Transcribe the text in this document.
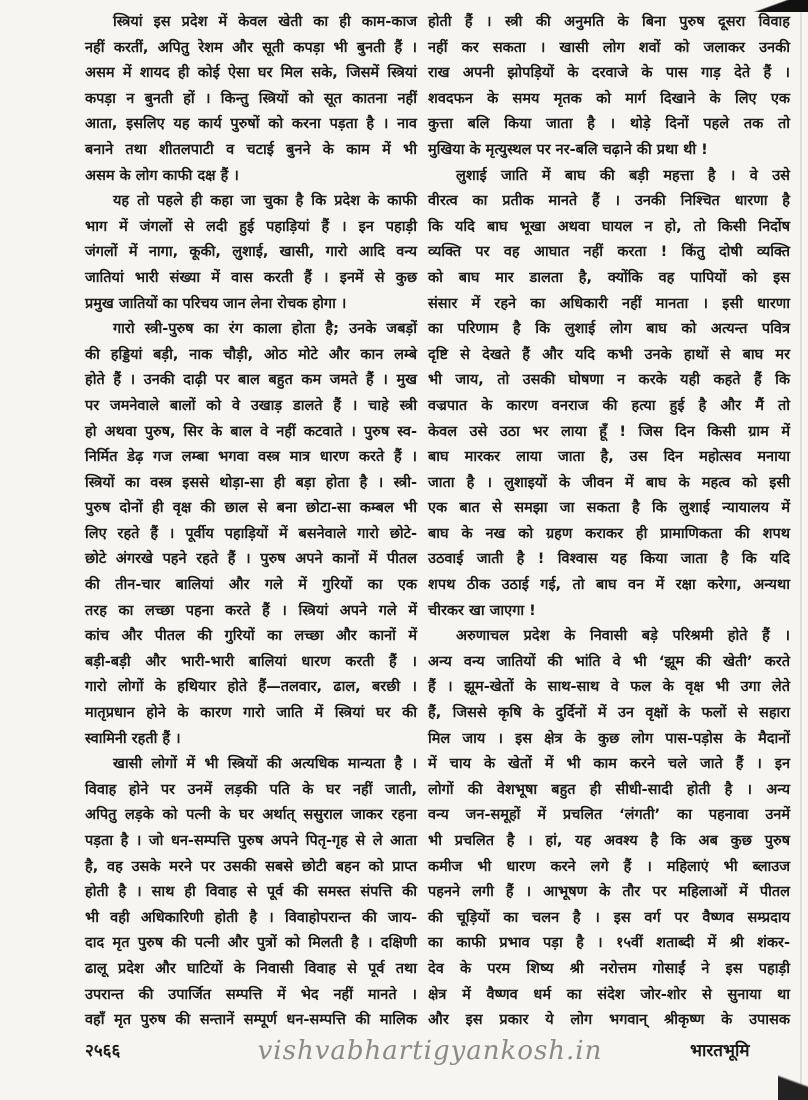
स्त्रियां इस प्रदेश में केवल खेती का ही काम-काज
नहीं करतीं, अपितु रेशम और सूती कपड़ा भी बुनती हैं ।
असम में शायद ही कोई ऐसा घर मिल सके, जिसमें स्त्रियां
कपड़ा न बुनती हों । किन्तु स्त्रियों को सूत कातना नहीं
आता, इसलिए यह कार्य पुरुषों को करना पड़ता है । नाव
बनाने तथा शीतलपाटी व चटाई बुनने के काम में भी
असम के लोग काफी दक्ष हैं ।
यह तो पहले ही कहा जा चुका है कि प्रदेश के काफी
भाग में जंगलों से लदी हुई पहाड़ियां हैं । इन पहाड़ी
जंगलों में नागा, कूकी, लुशाई, खासी, गारो आदि वन्य
जातियां भारी संख्या में वास करती हैं । इनमें से कुछ
प्रमुख जातियों का परिचय जान लेना रोचक होगा ।
गारो स्त्री-पुरुष का रंग काला होता है; उनके जबड़ों
की हड्डियां बड़ी, नाक चौड़ी, ओठ मोटे और कान लम्बे
होते हैं । उनकी दाढ़ी पर बाल बहुत कम जमते हैं । मुख
पर जमनेवाले बालों को वे उखाड़ डालते हैं । चाहे स्त्री
हो अथवा पुरुष, सिर के बाल वे नहीं कटवाते । पुरुष स्व-
निर्मित डेढ़ गज लम्बा भगवा वस्त्र मात्र धारण करते हैं ।
स्त्रियों का वस्त्र इससे थोड़ा-सा ही बड़ा होता है । स्त्री-
पुरुष दोनों ही वृक्ष की छाल से बना छोटा-सा कम्बल भी
लिए रहते हैं । पूर्वीय पहाड़ियों में बसनेवाले गारो छोटे-
छोटे अंगरखे पहने रहते हैं । पुरुष अपने कानों में पीतल
की तीन-चार बालियां और गले में गुरियों का एक
तरह का लच्छा पहना करते हैं । स्त्रियां अपने गले में
कांच और पीतल की गुरियों का लच्छा और कानों में
बड़ी-बड़ी और भारी-भारी बालियां धारण करती हैं ।
गारो लोगों के हथियार होते हैं—तलवार, ढाल, बरछी ।
मातृप्रधान होने के कारण गारो जाति में स्त्रियां घर की
स्वामिनी रहती हैं ।
खासी लोगों में भी स्त्रियों की अत्यधिक मान्यता है ।
विवाह होने पर उनमें लड़की पति के घर नहीं जाती,
अपितु लड़के को पत्नी के घर अर्थात् ससुराल जाकर रहना
पड़ता है । जो धन-सम्पत्ति पुरुष अपने पितृ-गृह से ले आता
है, वह उसके मरने पर उसकी सबसे छोटी बहन को प्राप्त
होती है । साथ ही विवाह से पूर्व की समस्त संपत्ति की
भी वही अधिकारिणी होती है । विवाहोपरान्त की जाय-
दाद मृत पुरुष की पत्नी और पुत्रों को मिलती है । दक्षिणी
ढालू प्रदेश और घाटियों के निवासी विवाह से पूर्व तथा
उपरान्त की उपार्जित सम्पत्ति में भेद नहीं मानते ।
वहाँ मृत पुरुष की सन्तानें सम्पूर्ण धन-सम्पत्ति की मालिक
होती हैं । स्त्री की अनुमति के बिना पुरुष दूसरा विवाह
नहीं कर सकता । खासी लोग शवों को जलाकर उनकी
राख अपनी झोपड़ियों के दरवाजे के पास गाड़ देते हैं ।
शवदफन के समय मृतक को मार्ग दिखाने के लिए एक
कुत्ता बलि किया जाता है । थोड़े दिनों पहले तक तो
मुखिया के मृत्युस्थल पर नर-बलि चढ़ाने की प्रथा थी !
लुशाई जाति में बाघ की बड़ी महत्ता है । वे उसे
वीरत्व का प्रतीक मानते हैं । उनकी निश्चित धारणा है
कि यदि बाघ भूखा अथवा घायल न हो, तो किसी निर्दोष
व्यक्ति पर वह आघात नहीं करता ! किंतु दोषी व्यक्ति
को बाघ मार डालता है, क्योंकि वह पापियों को इस
संसार में रहने का अधिकारी नहीं मानता । इसी धारणा
का परिणाम है कि लुशाई लोग बाघ को अत्यन्त पवित्र
दृष्टि से देखते हैं और यदि कभी उनके हाथों से बाघ मर
भी जाय, तो उसकी घोषणा न करके यही कहते हैं कि
वज्रपात के कारण वनराज की हत्या हुई है और मैं तो
केवल उसे उठा भर लाया हूँ ! जिस दिन किसी ग्राम में
बाघ मारकर लाया जाता है, उस दिन महोत्सव मनाया
जाता है । लुशाइयों के जीवन में बाघ के महत्व को इसी
एक बात से समझा जा सकता है कि लुशाई न्यायालय में
बाघ के नख को ग्रहण कराकर ही प्रामाणिकता की शपथ
उठवाई जाती है ! विश्वास यह किया जाता है कि यदि
शपथ ठीक उठाई गई, तो बाघ वन में रक्षा करेगा, अन्यथा
चीरकर खा जाएगा !
अरुणाचल प्रदेश के निवासी बड़े परिश्रमी होते हैं ।
अन्य वन्य जातियों की भांति वे भी ‘झूम की खेती’ करते
हैं । झूम-खेतों के साथ-साथ वे फल के वृक्ष भी उगा लेते
हैं, जिससे कृषि के दुर्दिनों में उन वृक्षों के फलों से सहारा
मिल जाय । इस क्षेत्र के कुछ लोग पास-पड़ोस के मैदानों
में चाय के खेतों में भी काम करने चले जाते हैं । इन
लोगों की वेशभूषा बहुत ही सीधी-सादी होती है । अन्य
वन्य जन-समूहों में प्रचलित ‘लंगती’ का पहनावा उनमें
भी प्रचलित है । हां, यह अवश्य है कि अब कुछ पुरुष
कमीज भी धारण करने लगे हैं । महिलाएं भी ब्लाउज
पहनने लगी हैं । आभूषण के तौर पर महिलाओं में पीतल
की चूड़ियों का चलन है । इस वर्ग पर वैष्णव सम्प्रदाय
का काफी प्रभाव पड़ा है । १५वीं शताब्दी में श्री शंकर-
देव के परम शिष्य श्री नरोत्तम गोसाईं ने इस पहाड़ी
क्षेत्र में वैष्णव धर्म का संदेश जोर-शोर से सुनाया था
और इस प्रकार ये लोग भगवान् श्रीकृष्ण के उपासक
२५६६	vishvabhartigyankosh.in	भारतभूमि
